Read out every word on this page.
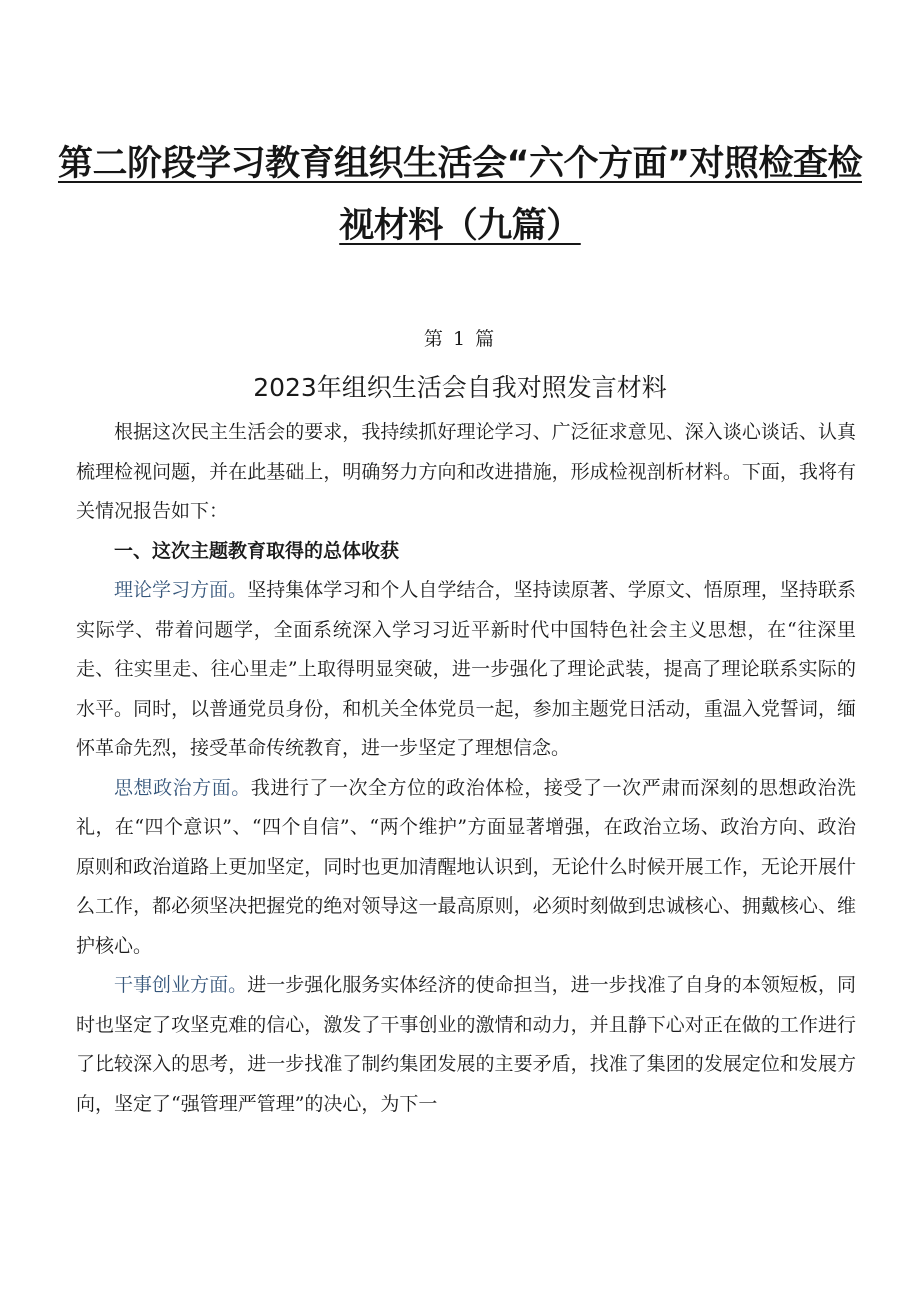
第二阶段学习教育组织生活会“六个方面”对照检查检
视材料（九篇）
第 1 篇
2023年组织生活会自我对照发言材料

根据这次民主生活会的要求，我持续抓好理论学习、广泛征求意见、深入谈心谈话、认真梳理检视问题，并在此基础上，明确努力方向和改进措施，形成检视剖析材料。下面，我将有关情况报告如下：

一、这次主题教育取得的总体收获

理论学习方面。坚持集体学习和个人自学结合，坚持读原著、学原文、悟原理，坚持联系实际学、带着问题学，全面系统深入学习习近平新时代中国特色社会主义思想，在“往深里走、往实里走、往心里走”上取得明显突破，进一步强化了理论武装，提高了理论联系实际的水平。同时，以普通党员身份，和机关全体党员一起，参加主题党日活动，重温入党誓词，缅怀革命先烈，接受革命传统教育，进一步坚定了理想信念。

思想政治方面。我进行了一次全方位的政治体检，接受了一次严肃而深刻的思想政治洗礼，在“四个意识”、“四个自信”、“两个维护”方面显著增强，在政治立场、政治方向、政治原则和政治道路上更加坚定，同时也更加清醒地认识到，无论什么时候开展工作，无论开展什么工作，都必须坚决把握党的绝对领导这一最高原则，必须时刻做到忠诚核心、拥戴核心、维护核心。

干事创业方面。进一步强化服务实体经济的使命担当，进一步找准了自身的本领短板，同时也坚定了攻坚克难的信心，激发了干事创业的激情和动力，并且静下心对正在做的工作进行了比较深入的思考，进一步找准了制约集团发展的主要矛盾，找准了集团的发展定位和发展方向，坚定了“强管理严管理”的决心，为下一
